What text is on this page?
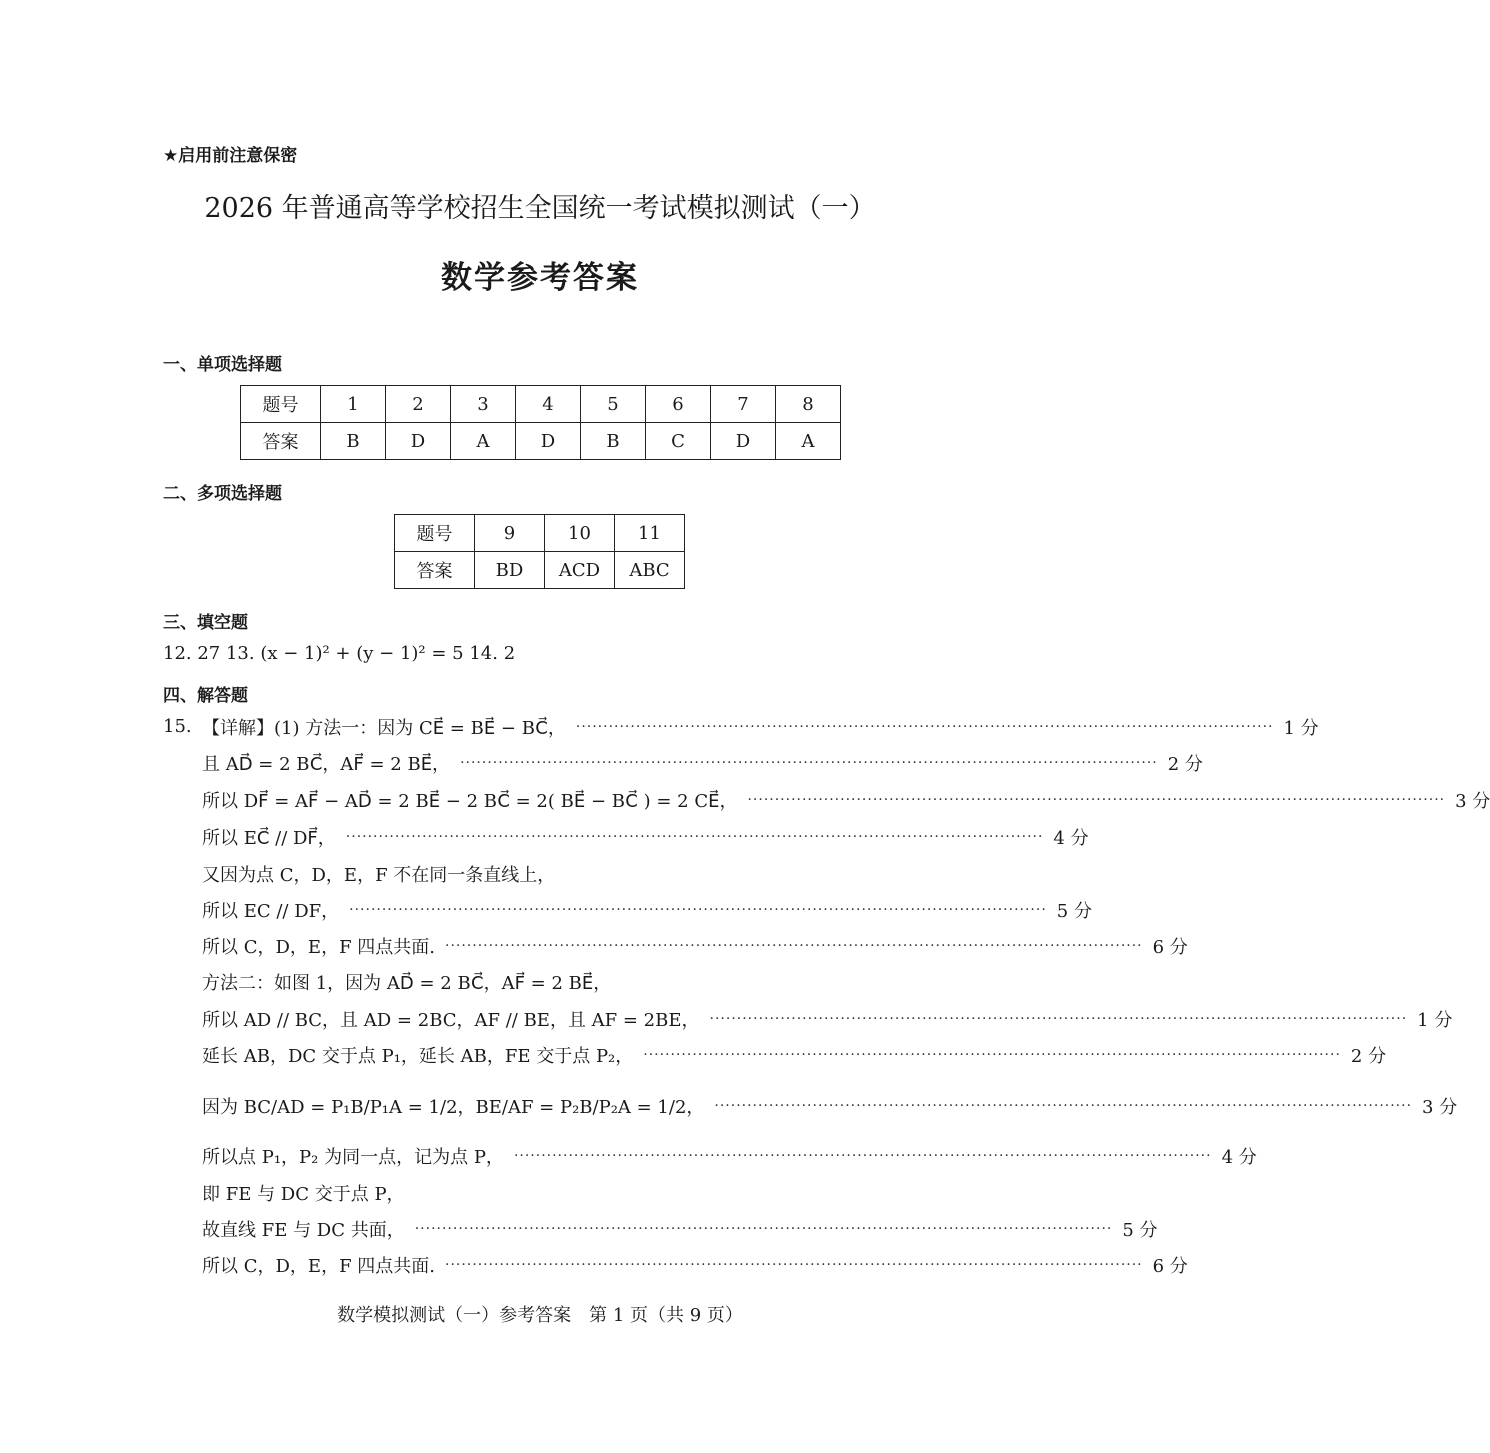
★启用前注意保密
2026 年普通高等学校招生全国统一考试模拟测试（一）
数学参考答案
一、单项选择题
题号	1	2	3	4	5	6	7	8
答案	B	D	A	D	B	C	D	A
二、多项选择题
题号	9	10	11
答案	BD	ACD	ABC
三、填空题
12. 27 13. (x − 1)² + (y − 1)² = 5 14. 2
四、解答题
15. 【详解】(1) 方法一：因为 CE⃗ = BE⃗ − BC⃗， ································································································································ 1 分
且 AD⃗ = 2 BC⃗，AF⃗ = 2 BE⃗， ································································································································ 2 分
所以 DF⃗ = AF⃗ − AD⃗ = 2 BE⃗ − 2 BC⃗ = 2( BE⃗ − BC⃗ ) = 2 CE⃗， ································································································································ 3 分
所以 EC⃗ // DF⃗， ································································································································ 4 分
又因为点 C，D，E，F 不在同一条直线上，
所以 EC // DF， ································································································································ 5 分
所以 C，D，E，F 四点共面. ································································································································ 6 分
方法二：如图 1，因为 AD⃗ = 2 BC⃗，AF⃗ = 2 BE⃗，
所以 AD // BC，且 AD = 2BC，AF // BE，且 AF = 2BE， ································································································································ 1 分
延长 AB，DC 交于点 P₁，延长 AB，FE 交于点 P₂， ································································································································ 2 分
因为 BC/AD = P₁B/P₁A = 1/2，BE/AF = P₂B/P₂A = 1/2， ································································································································ 3 分
所以点 P₁，P₂ 为同一点，记为点 P， ································································································································ 4 分
即 FE 与 DC 交于点 P，
故直线 FE 与 DC 共面， ································································································································ 5 分
所以 C，D，E，F 四点共面. ································································································································ 6 分
数学模拟测试（一）参考答案　第 1 页（共 9 页）
